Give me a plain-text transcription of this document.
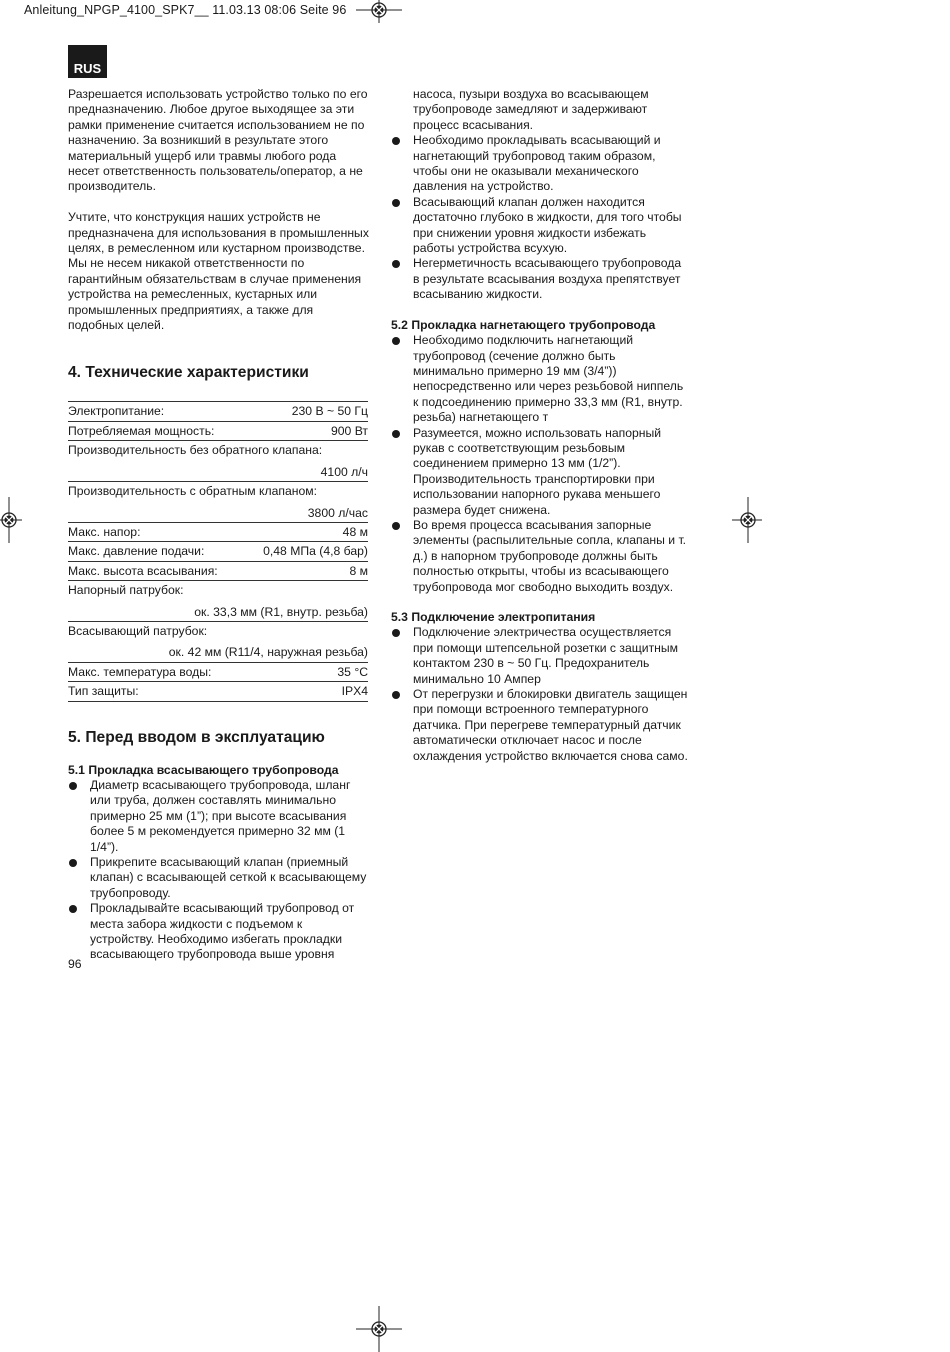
Anleitung_NPGP_4100_SPK7__ 11.03.13 08:06 Seite 96
RUS

Разрешается использовать устройство только по его предназначению. Любое другое выходящее за эти рамки применение считается использованием не по назначению. За возникший в результате этого материальный ущерб или травмы любого рода несет ответственность пользователь/оператор, а не производитель.

Учтите, что конструкция наших устройств не предназначена для использования в промышленных целях, в ремесленном или кустарном производстве. Мы не несем никакой ответственности по гарантийным обязательствам в случае применения устройства на ремесленных, кустарных или промышленных предприятиях, а также для подобных целей.

4. Технические характеристики
Электропитание:	230 В ~ 50 Гц
Потребляемая мощность:	900 Вт
Производительность без обратного клапана:	
4100 л/ч	
Производительность с обратным клапаном:	
3800 л/час	
Макс. напор:	48 м
Макс. давление подачи:	0,48 МПа (4,8 бар)
Макс. высота всасывания:	8 м
Напорный патрубок:	
ок. 33,3 мм (R1, внутр. резьба)	
Всасывающий патрубок:	
ок. 42 мм (R11/4, наружная резьба)	
Макс. температура воды:	35 °C
Тип защиты:	IPX4
5. Перед вводом в эксплуатацию
5.1 Прокладка всасывающего трубопровода
Диаметр всасывающего трубопровода, шланг или труба, должен составлять минимально примерно 25 мм (1”); при высоте всасывания более 5 м рекомендуется примерно 32 мм (1 1/4”).
Прикрепите всасывающий клапан (приемный клапан) с всасывающей сеткой к всасывающему трубопроводу.
Прокладывайте всасывающий трубопровод от места забора жидкости с подъемом к устройству. Необходимо избегать прокладки всасывающего трубопровода выше уровня

насоса, пузыри воздуха во всасывающем трубопроводе замедляют и задерживают процесс всасывания.

Необходимо прокладывать всасывающий и нагнетающий трубопровод таким образом, чтобы они не оказывали механического давления на устройство.
Всасывающий клапан должен находится достаточно глубоко в жидкости, для того чтобы при снижении уровня жидкости избежать работы устройства всухую.
Негерметичность всасывающего трубопровода в результате всасывания воздуха препятствует всасыванию жидкости.
5.2 Прокладка нагнетающего трубопровода
Необходимо подключить нагнетающий трубопровод (сечение должно быть минимально примерно 19 мм (3/4”)) непосредственно или через резьбовой ниппель к подсоединению примерно 33,3 мм (R1, внутр. резьба) нагнетающего т
Разумеется, можно использовать напорный рукав с соответствующим резьбовым соединением примерно 13 мм (1/2”). Производительность транспортировки при использовании напорного рукава меньшего размера будет снижена.
Во время процесса всасывания запорные элементы (распылительные сопла, клапаны и т. д.) в напорном трубопроводе должны быть полностью открыты, чтобы из всасывающего трубопровода мог свободно выходить воздух.
5.3 Подключение электропитания
Подключение электричества осуществляется при помощи штепсельной розетки с защитным контактом 230 в ~ 50 Гц. Предохранитель минимально 10 Ампер
От перегрузки и блокировки двигатель защищен при помощи встроенного температурного датчика. При перегреве температурный датчик автоматически отключает насос и после охлаждения устройство включается снова само.
96
